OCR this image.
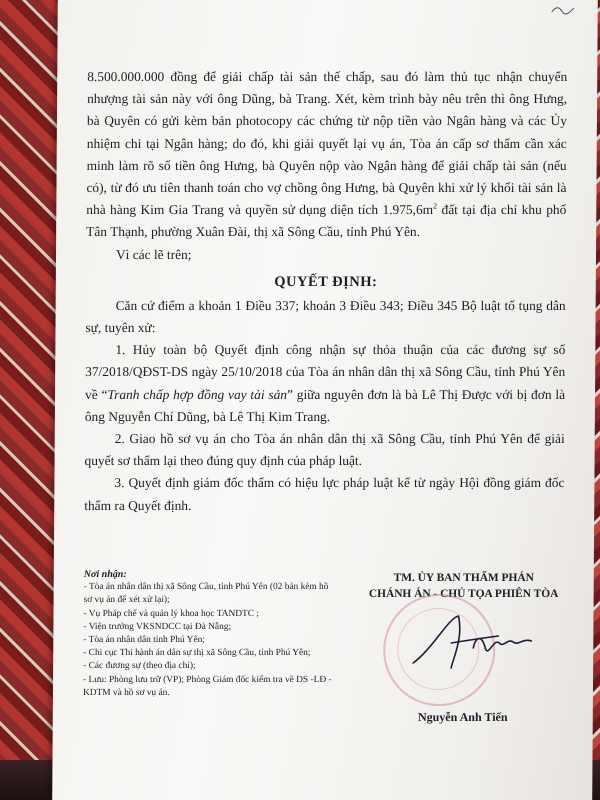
8.500.000.000 đồng để giải chấp tài sản thế chấp, sau đó làm thủ tục nhận chuyển nhượng tài sản này với ông Dũng, bà Trang. Xét, kèm trình bày nêu trên thì ông Hưng, bà Quyên có gửi kèm bản photocopy các chứng từ nộp tiền vào Ngân hàng và các Ủy nhiệm chi tại Ngân hàng; do đó, khi giải quyết lại vụ án, Tòa án cấp sơ thẩm cần xác minh làm rõ số tiền ông Hưng, bà Quyên nộp vào Ngân hàng để giải chấp tài sản (nếu có), từ đó ưu tiên thanh toán cho vợ chồng ông Hưng, bà Quyên khi xử lý khối tài sản là nhà hàng Kim Gia Trang và quyền sử dụng diện tích $1.975,6m^2$ đất tại địa chỉ khu phố Tân Thạnh, phường Xuân Đài, thị xã Sông Cầu, tỉnh Phú Yên.

Vì các lẽ trên;

QUYẾT ĐỊNH:

Căn cứ điểm a khoản 1 Điều 337; khoản 3 Điều 343; Điều 345 Bộ luật tố tụng dân sự, tuyên xử:

1. Hủy toàn bộ Quyết định công nhận sự thỏa thuận của các đương sự số 37/2018/QĐST-DS ngày 25/10/2018 của Tòa án nhân dân thị xã Sông Cầu, tỉnh Phú Yên về “Tranh chấp hợp đồng vay tài sản” giữa nguyên đơn là bà Lê Thị Được với bị đơn là ông Nguyễn Chí Dũng, bà Lê Thị Kim Trang.

2. Giao hồ sơ vụ án cho Tòa án nhân dân thị xã Sông Cầu, tỉnh Phú Yên để giải quyết sơ thẩm lại theo đúng quy định của pháp luật.

3. Quyết định giám đốc thẩm có hiệu lực pháp luật kể từ ngày Hội đồng giám đốc thẩm ra Quyết định.

Nơi nhận:

- Tòa án nhân dân thị xã Sông Cầu, tỉnh Phú Yên (02 bản kèm hồ sơ vụ án để xét xử lại);

- Vụ Pháp chế và quản lý khoa học TANDTC ;

- Viện trưởng VKSNDCC tại Đà Nẵng;

- Tòa án nhân dân tỉnh Phú Yên;

- Chi cục Thi hành án dân sự thị xã Sông Cầu, tỉnh Phú Yên;

- Các đương sự (theo địa chỉ);

- Lưu: Phòng lưu trữ (VP); Phòng Giám đốc kiểm tra về DS -LĐ - KDTM và hồ sơ vụ án.

TM. ỦY BAN THẨM PHÁN
CHÁNH ÁN - CHỦ TỌA PHIÊN TÒA
Nguyễn Anh Tiến
